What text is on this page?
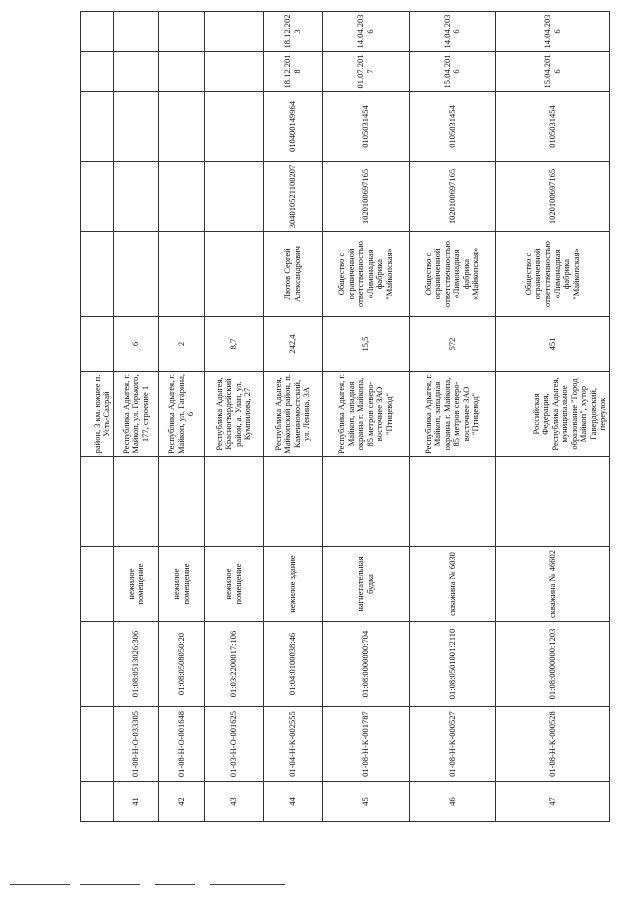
					район, 3 км. южнее п. Усть-Сахрай						
41	01-08-Н-О-033305	01:08:0513026:306	нежилое помещение		Республика Адыгея, г. Майкоп, ул. Горького, 177, строение 1	6					
42	01-08-Н-О-001648	01:08:0508050:20	нежилое помещение		Республика Адыгея, г. Майкоп, ул. Гагарина, 6	2					
43	01-03-Н-О-001625	01:03:2200017:106	нежилое помещение		Республика Адыгея, Красногвардейский район, а. Улап, ул. Кумпилова, 27	8,7					
44	01-04-Н-К-002555	01:04:0100038:46	нежилое здание		Республика Адыгея, Майкопский район, п. Каменномостский, ул. Ленина, 3А	242,4	Лютов Сергей Александрович	304010521100207	010400149964	18.12.2018	18.12.2023
45	01-08-Н-К-001787	01:08:0000000:704	нагнетательная будка		Республика Адыгея, г. Майкоп, западная окраина г. Майкопа, 85 метров северо-восточнее ЗАО "Птицевод"	15,5	Общество с ограниченной ответственностью «Лимонадная фабрика "Майкопская»	1020100697165	0105031454	01.07.2017	14.04.2036
46	01-08-Н-К-000527	01:08:0501001:2110	скважина № 6030		Республика Адыгея, г. Майкоп, западная окраина г. Майкопа, 85 метров северо-восточнее ЗАО "Птицевод"	572	Общество с ограниченной ответственностью «Лимонадная фабрика «Майкопская»	1020100697165	0105031454	15.04.2016	14.04.2036
47	01-08-Н-К-000528	01:08:0000000:1203	скважина № 46602		Российская Федерация, Республика Адыгея, муниципальное образование "Город Майкоп", хутор Гавердовский, переулок	451	Общество с ограниченной ответственностью «Лимонадная фабрика "Майкопская»	1020100697165	0105031454	15.04.2016	14.04.2036
